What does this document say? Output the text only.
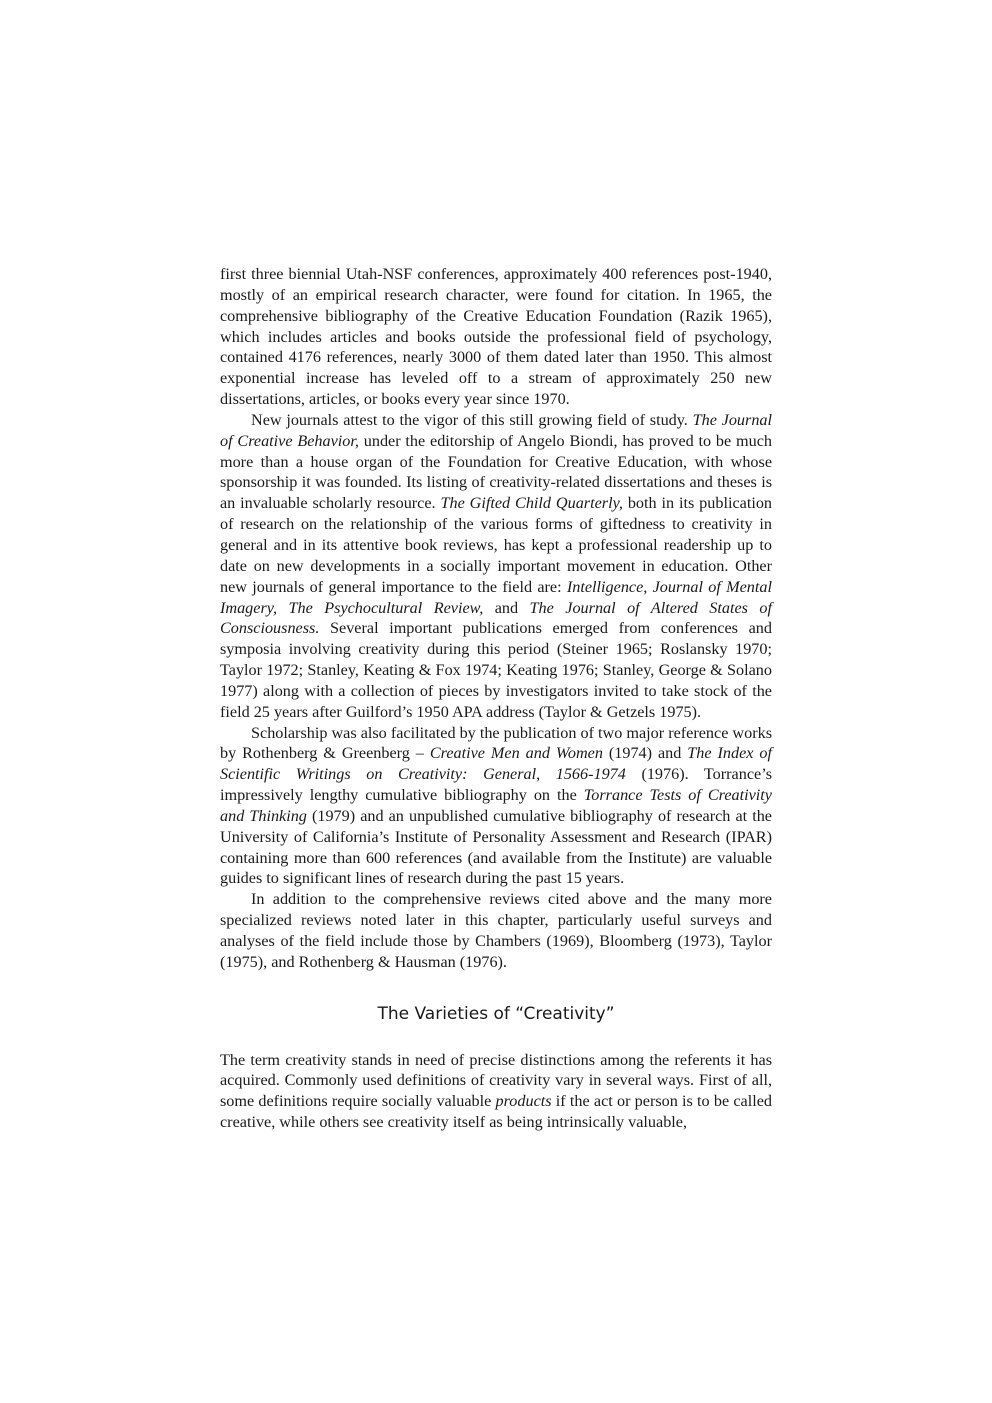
first three biennial Utah-NSF conferences, approximately 400 references post-1940, mostly of an empirical research character, were found for citation. In 1965, the comprehensive bibliography of the Creative Education Foundation (Razik 1965), which includes articles and books outside the professional field of psychology, contained 4176 references, nearly 3000 of them dated later than 1950. This almost exponential increase has leveled off to a stream of approximately 250 new dissertations, articles, or books every year since 1970.

New journals attest to the vigor of this still growing field of study. The Journal of Creative Behavior, under the editorship of Angelo Biondi, has proved to be much more than a house organ of the Foundation for Creative Education, with whose sponsorship it was founded. Its listing of creativity-related dissertations and theses is an invaluable scholarly resource. The Gifted Child Quarterly, both in its publication of research on the relationship of the various forms of giftedness to creativity in general and in its attentive book reviews, has kept a professional readership up to date on new developments in a socially important movement in education. Other new journals of general importance to the field are: Intelligence, Journal of Mental Imagery, The Psychocultural Review, and The Journal of Altered States of Consciousness. Several important publications emerged from conferences and symposia involving creativity during this period (Steiner 1965; Roslansky 1970; Taylor 1972; Stanley, Keating & Fox 1974; Keating 1976; Stanley, George & Solano 1977) along with a collection of pieces by investigators invited to take stock of the field 25 years after Guilford’s 1950 APA address (Taylor & Getzels 1975).

Scholarship was also facilitated by the publication of two major reference works by Rothenberg & Greenberg – Creative Men and Women (1974) and The Index of Scientific Writings on Creativity: General, 1566-1974 (1976). Torrance’s impressively lengthy cumulative bibliography on the Torrance Tests of Creativity and Thinking (1979) and an unpublished cumulative bibliography of research at the University of California’s Institute of Personality Assessment and Research (IPAR) containing more than 600 references (and available from the Institute) are valuable guides to significant lines of research during the past 15 years.

In addition to the comprehensive reviews cited above and the many more specialized reviews noted later in this chapter, particularly useful surveys and analyses of the field include those by Chambers (1969), Bloomberg (1973), Taylor (1975), and Rothenberg & Hausman (1976).

The Varieties of “Creativity”

The term creativity stands in need of precise distinctions among the referents it has acquired. Commonly used definitions of creativity vary in several ways. First of all, some definitions require socially valuable products if the act or person is to be called creative, while others see creativity itself as being intrinsically valuable,
